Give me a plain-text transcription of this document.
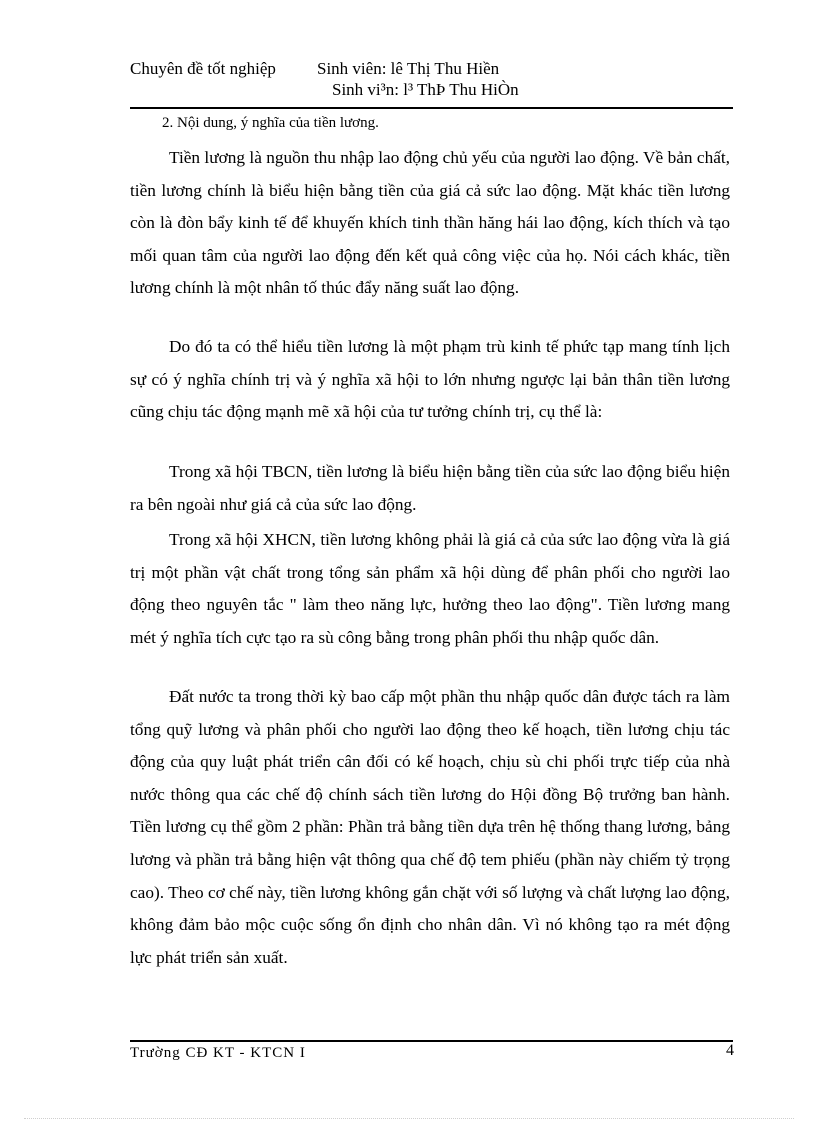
Chuyên đề tốt nghiệp Sinh viên: lê Thị Thu Hiền
Sinh vi³n: l³ ThÞ Thu HiÒn
2. Nội dung, ý nghĩa của tiền lương.

Tiền lương là nguồn thu nhập lao động chủ yếu của người lao động. Về bản chất, tiền lương chính là biểu hiện bằng tiền của giá cả sức lao động. Mặt khác tiền lương còn là đòn bẩy kinh tế để khuyến khích tinh thần hăng hái lao động, kích thích và tạo mối quan tâm của người lao động đến kết quả công việc của họ. Nói cách khác, tiền lương chính là một nhân tố thúc đẩy năng suất lao động.

Do đó ta có thể hiểu tiền lương là một phạm trù kinh tế phức tạp mang tính lịch sự có ý nghĩa chính trị và ý nghĩa xã hội to lớn nhưng ngược lại bản thân tiền lương cũng chịu tác động mạnh mẽ xã hội của tư tưởng chính trị, cụ thể là:

Trong xã hội TBCN, tiền lương là biểu hiện bằng tiền của sức lao động biểu hiện ra bên ngoài như giá cả của sức lao động.

Trong xã hội XHCN, tiền lương không phải là giá cả của sức lao động vừa là giá trị một phần vật chất trong tổng sản phẩm xã hội dùng để phân phối cho người lao động theo nguyên tắc " làm theo năng lực, hưởng theo lao động". Tiền lương mang mét ý nghĩa tích cực tạo ra sù công bằng trong phân phối thu nhập quốc dân.

Đất nước ta trong thời kỳ bao cấp một phần thu nhập quốc dân được tách ra làm tổng quỹ lương và phân phối cho người lao động theo kế hoạch, tiền lương chịu tác động của quy luật phát triển cân đối có kế hoạch, chịu sù chi phối trực tiếp của nhà nước thông qua các chế độ chính sách tiền lương do Hội đồng Bộ trưởng ban hành. Tiền lương cụ thể gồm 2 phần: Phần trả bằng tiền dựa trên hệ thống thang lương, bảng lương và phần trả bằng hiện vật thông qua chế độ tem phiếu (phần này chiếm tỷ trọng cao). Theo cơ chế này, tiền lương không gắn chặt với số lượng và chất lượng lao động, không đảm bảo mộc cuộc sống ổn định cho nhân dân. Vì nó không tạo ra mét động lực phát triển sản xuất.

Trường CĐ KT - KTCN I	4
